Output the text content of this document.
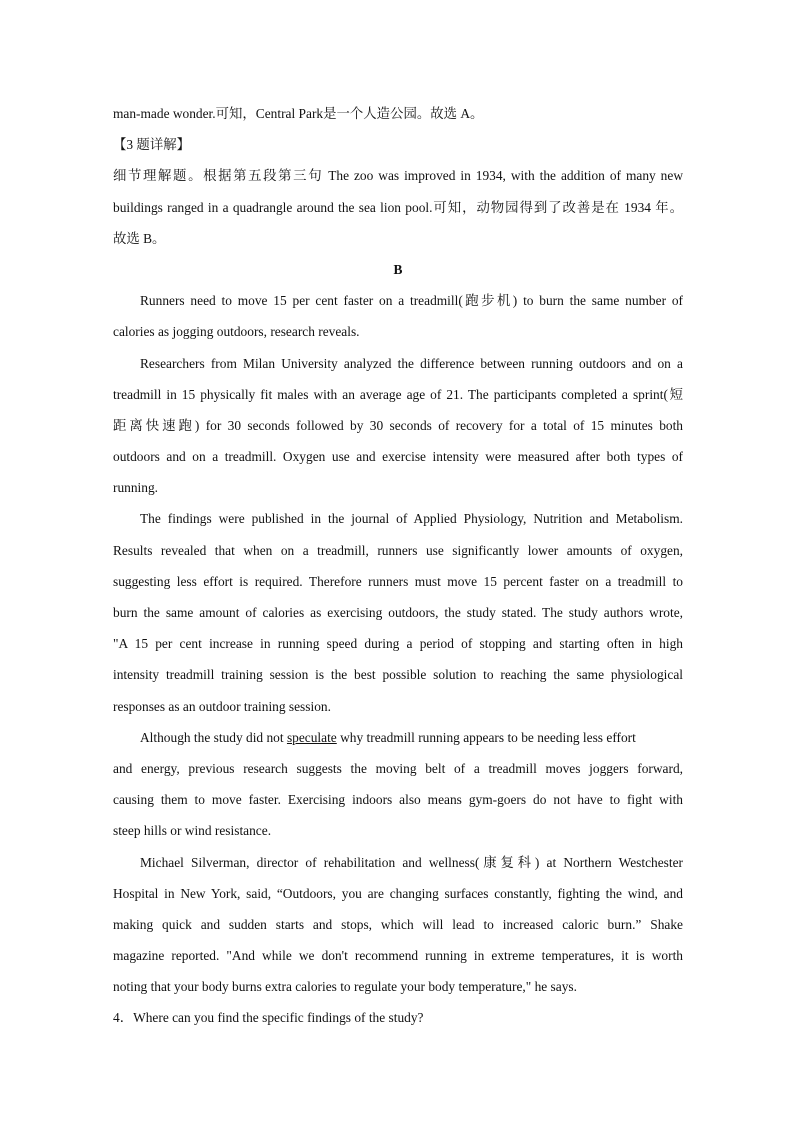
man-made wonder.可知，Central Park是一个人造公园。故选 A。
【3 题详解】
细节理解题。根据第五段第三句 The zoo was improved in 1934, with the addition of many new
buildings ranged in a quadrangle around the sea lion pool.可知，动物园得到了改善是在 1934 年。
故选 B。
B
Runners need to move 15 per cent faster on a treadmill(跑步机) to burn the same number of
calories as jogging outdoors, research reveals.
Researchers from Milan University analyzed the difference between running outdoors and on a
treadmill in 15 physically fit males with an average age of 21. The participants completed a sprint(短
距离快速跑) for 30 seconds followed by 30 seconds of recovery for a total of 15 minutes both
outdoors and on a treadmill. Oxygen use and exercise intensity were measured after both types of
running.
The findings were published in the journal of Applied Physiology, Nutrition and Metabolism.
Results revealed that when on a treadmill, runners use significantly lower amounts of oxygen,
suggesting less effort is required. Therefore runners must move 15 percent faster on a treadmill to
burn the same amount of calories as exercising outdoors, the study stated. The study authors wrote,
"A 15 per cent increase in running speed during a period of stopping and starting often in high
intensity treadmill training session is the best possible solution to reaching the same physiological
responses as an outdoor training session.
Although the study did not speculate why treadmill running appears to be needing less effort
and energy, previous research suggests the moving belt of a treadmill moves joggers forward,
causing them to move faster. Exercising indoors also means gym-goers do not have to fight with
steep hills or wind resistance.
Michael Silverman, director of rehabilitation and wellness(康复科) at Northern Westchester
Hospital in New York, said, “Outdoors, you are changing surfaces constantly, fighting the wind, and
making quick and sudden starts and stops, which will lead to increased caloric burn.” Shake
magazine reported. "And while we don't recommend running in extreme temperatures, it is worth
noting that your body burns extra calories to regulate your body temperature," he says.
4．Where can you find the specific findings of the study?
